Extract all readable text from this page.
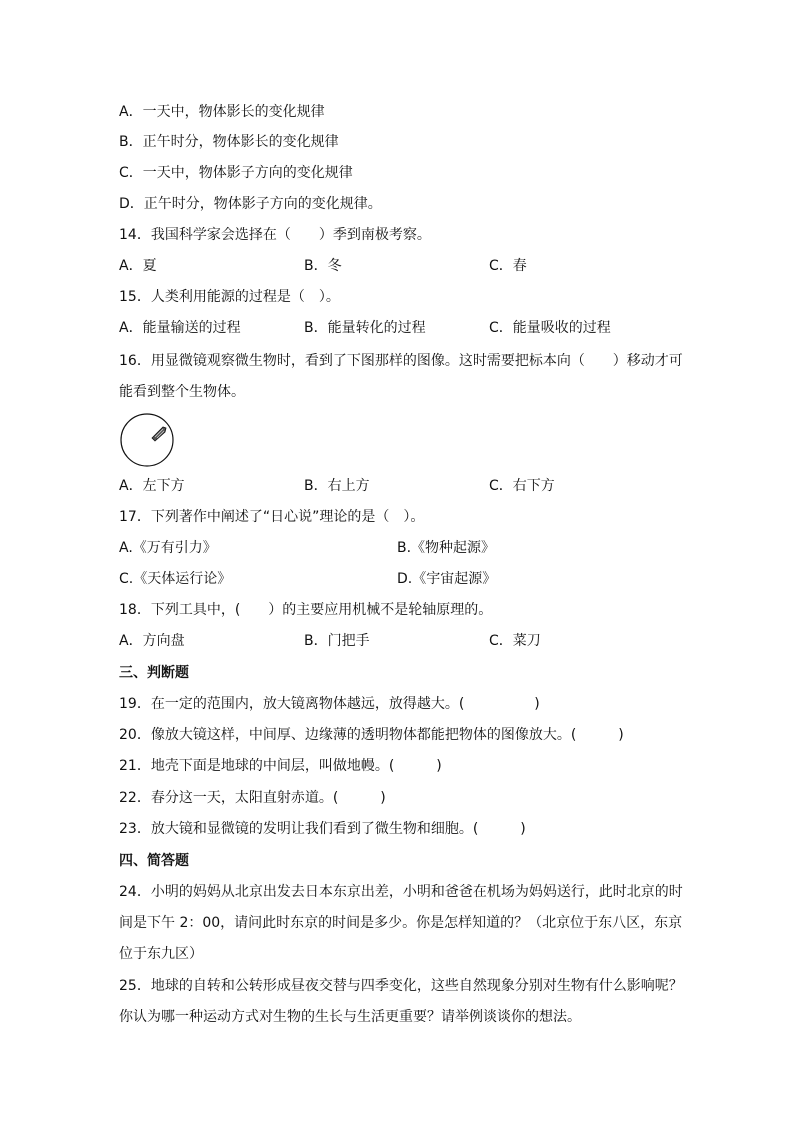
A．一天中，物体影长的变化规律
B．正午时分，物体影长的变化规律
C．一天中，物体影子方向的变化规律
D．正午时分，物体影子方向的变化规律。
14．我国科学家会选择在（　　）季到南极考察。
A．夏	B．冬	C．春
15．人类利用能源的过程是（　）。
A．能量输送的过程	B．能量转化的过程	C．能量吸收的过程
16．用显微镜观察微生物时，看到了下图那样的图像。这时需要把标本向（　　）移动才可
能看到整个生物体。
A．左下方	B．右上方	C．右下方
17．下列著作中阐述了“日心说”理论的是（　）。
A.《万有引力》	B.《物种起源》
C.《天体运行论》	D.《宇宙起源》
18．下列工具中，(　　）的主要应用机械不是轮轴原理的。
A．方向盘	B．门把手	C．菜刀
三、判断题
19．在一定的范围内，放大镜离物体越远，放得越大。(　　　　　)
20．像放大镜这样，中间厚、边缘薄的透明物体都能把物体的图像放大。(　　　)
21．地壳下面是地球的中间层，叫做地幔。(　　　)
22．春分这一天，太阳直射赤道。(　　　)
23．放大镜和显微镜的发明让我们看到了微生物和细胞。(　　　)
四、简答题
24．小明的妈妈从北京出发去日本东京出差，小明和爸爸在机场为妈妈送行，此时北京的时
间是下午 2：00，请问此时东京的时间是多少。你是怎样知道的？（北京位于东八区，东京
位于东九区）
25．地球的自转和公转形成昼夜交替与四季变化，这些自然现象分别对生物有什么影响呢？
你认为哪一种运动方式对生物的生长与生活更重要？请举例谈谈你的想法。
